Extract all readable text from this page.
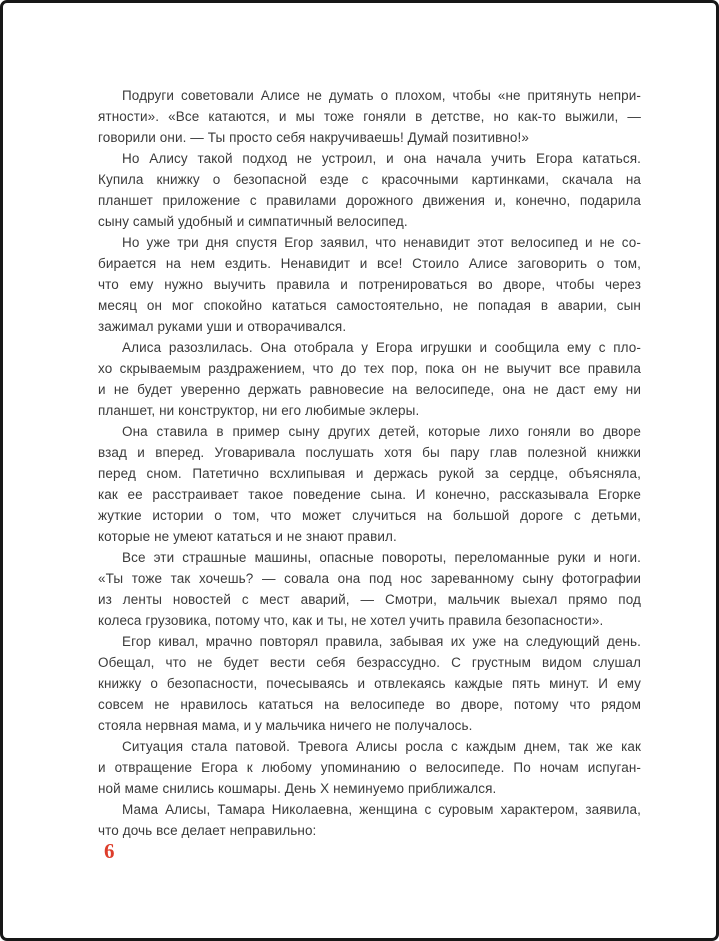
Подруги советовали Алисе не думать о плохом, чтобы «не притянуть непри-
ятности». «Все катаются, и мы тоже гоняли в детстве, но как-то выжили, —
говорили они. — Ты просто себя накручиваешь! Думай позитивно!»
Но Алису такой подход не устроил, и она начала учить Егора кататься.
Купила книжку о безопасной езде с красочными картинками, скачала на
планшет приложение с правилами дорожного движения и, конечно, подарила
сыну самый удобный и симпатичный велосипед.
Но уже три дня спустя Егор заявил, что ненавидит этот велосипед и не со-
бирается на нем ездить. Ненавидит и все! Стоило Алисе заговорить о том,
что ему нужно выучить правила и потренироваться во дворе, чтобы через
месяц он мог спокойно кататься самостоятельно, не попадая в аварии, сын
зажимал руками уши и отворачивался.
Алиса разозлилась. Она отобрала у Егора игрушки и сообщила ему с пло-
хо скрываемым раздражением, что до тех пор, пока он не выучит все правила
и не будет уверенно держать равновесие на велосипеде, она не даст ему ни
планшет, ни конструктор, ни его любимые эклеры.
Она ставила в пример сыну других детей, которые лихо гоняли во дворе
взад и вперед. Уговаривала послушать хотя бы пару глав полезной книжки
перед сном. Патетично всхлипывая и держась рукой за сердце, объясняла,
как ее расстраивает такое поведение сына. И конечно, рассказывала Егорке
жуткие истории о том, что может случиться на большой дороге с детьми,
которые не умеют кататься и не знают правил.
Все эти страшные машины, опасные повороты, переломанные руки и ноги.
«Ты тоже так хочешь? — совала она под нос зареванному сыну фотографии
из ленты новостей с мест аварий, — Смотри, мальчик выехал прямо под
колеса грузовика, потому что, как и ты, не хотел учить правила безопасности».
Егор кивал, мрачно повторял правила, забывая их уже на следующий день.
Обещал, что не будет вести себя безрассудно. С грустным видом слушал
книжку о безопасности, почесываясь и отвлекаясь каждые пять минут. И ему
совсем не нравилось кататься на велосипеде во дворе, потому что рядом
стояла нервная мама, и у мальчика ничего не получалось.
Ситуация стала патовой. Тревога Алисы росла с каждым днем, так же как
и отвращение Егора к любому упоминанию о велосипеде. По ночам испуган-
ной маме снились кошмары. День Х неминуемо приближался.
Мама Алисы, Тамара Николаевна, женщина с суровым характером, заявила,
что дочь все делает неправильно:
6
